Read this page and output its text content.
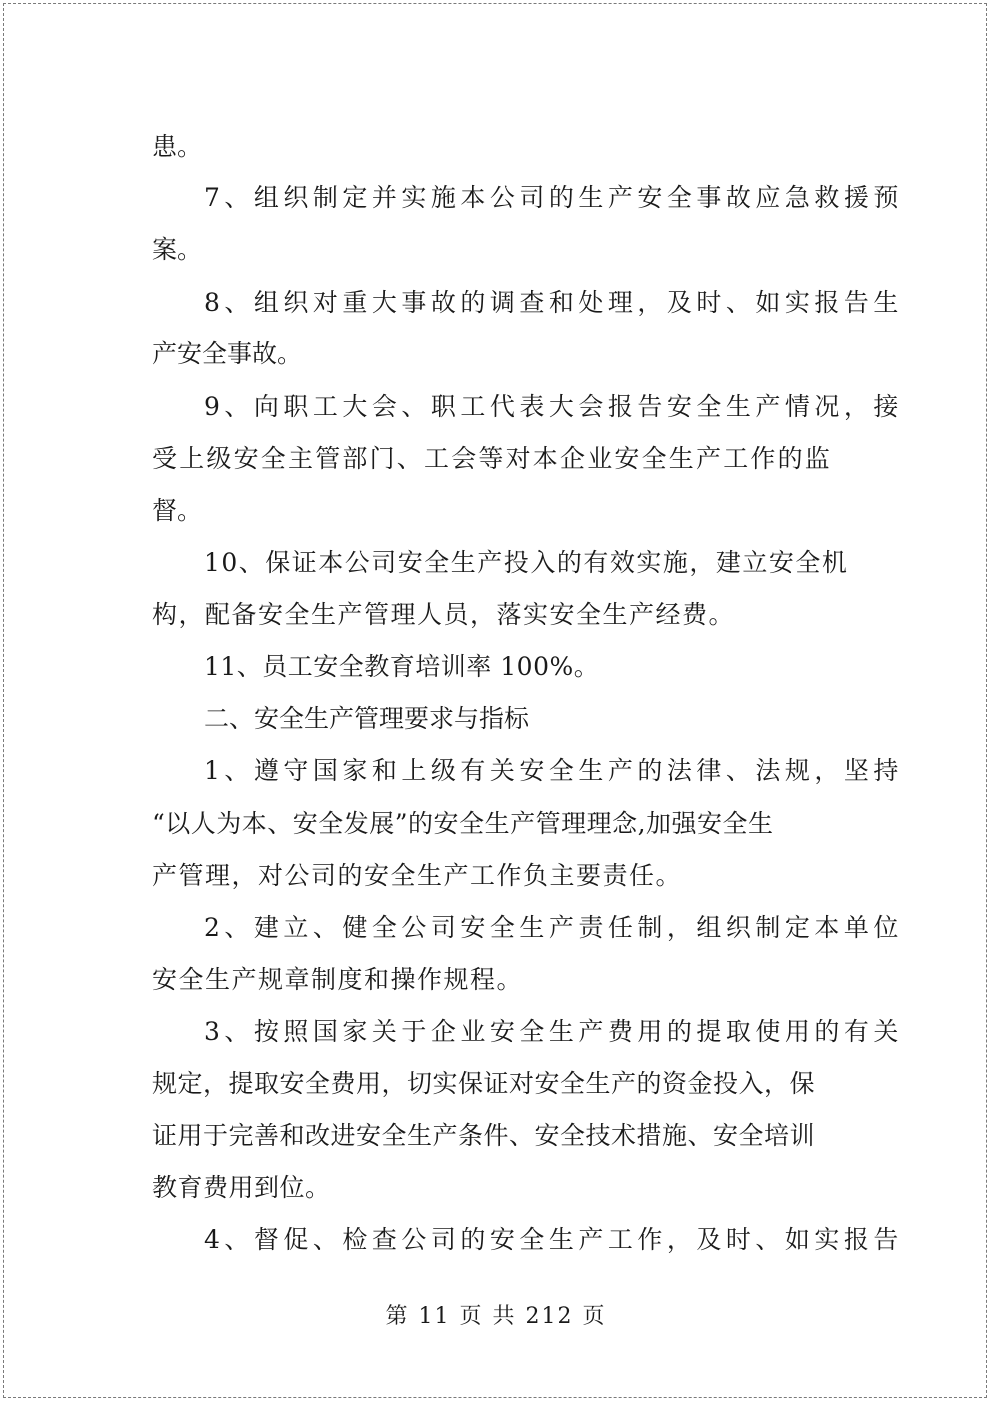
患。
7、组织制定并实施本公司的生产安全事故应急救援预
案。
8、组织对重大事故的调查和处理，及时、如实报告生
产安全事故。
9、向职工大会、职工代表大会报告安全生产情况，接
受上级安全主管部门、工会等对本企业安全生产工作的监
督。
10、保证本公司安全生产投入的有效实施，建立安全机
构，配备安全生产管理人员，落实安全生产经费。
11、员工安全教育培训率 100%。
二、安全生产管理要求与指标
1、遵守国家和上级有关安全生产的法律、法规，坚持
“以人为本、安全发展”的安全生产管理理念,加强安全生
产管理，对公司的安全生产工作负主要责任。
2、建立、健全公司安全生产责任制，组织制定本单位
安全生产规章制度和操作规程。
3、按照国家关于企业安全生产费用的提取使用的有关
规定，提取安全费用，切实保证对安全生产的资金投入，保
证用于完善和改进安全生产条件、安全技术措施、安全培训
教育费用到位。
4、督促、检查公司的安全生产工作，及时、如实报告
第 11 页 共 212 页
